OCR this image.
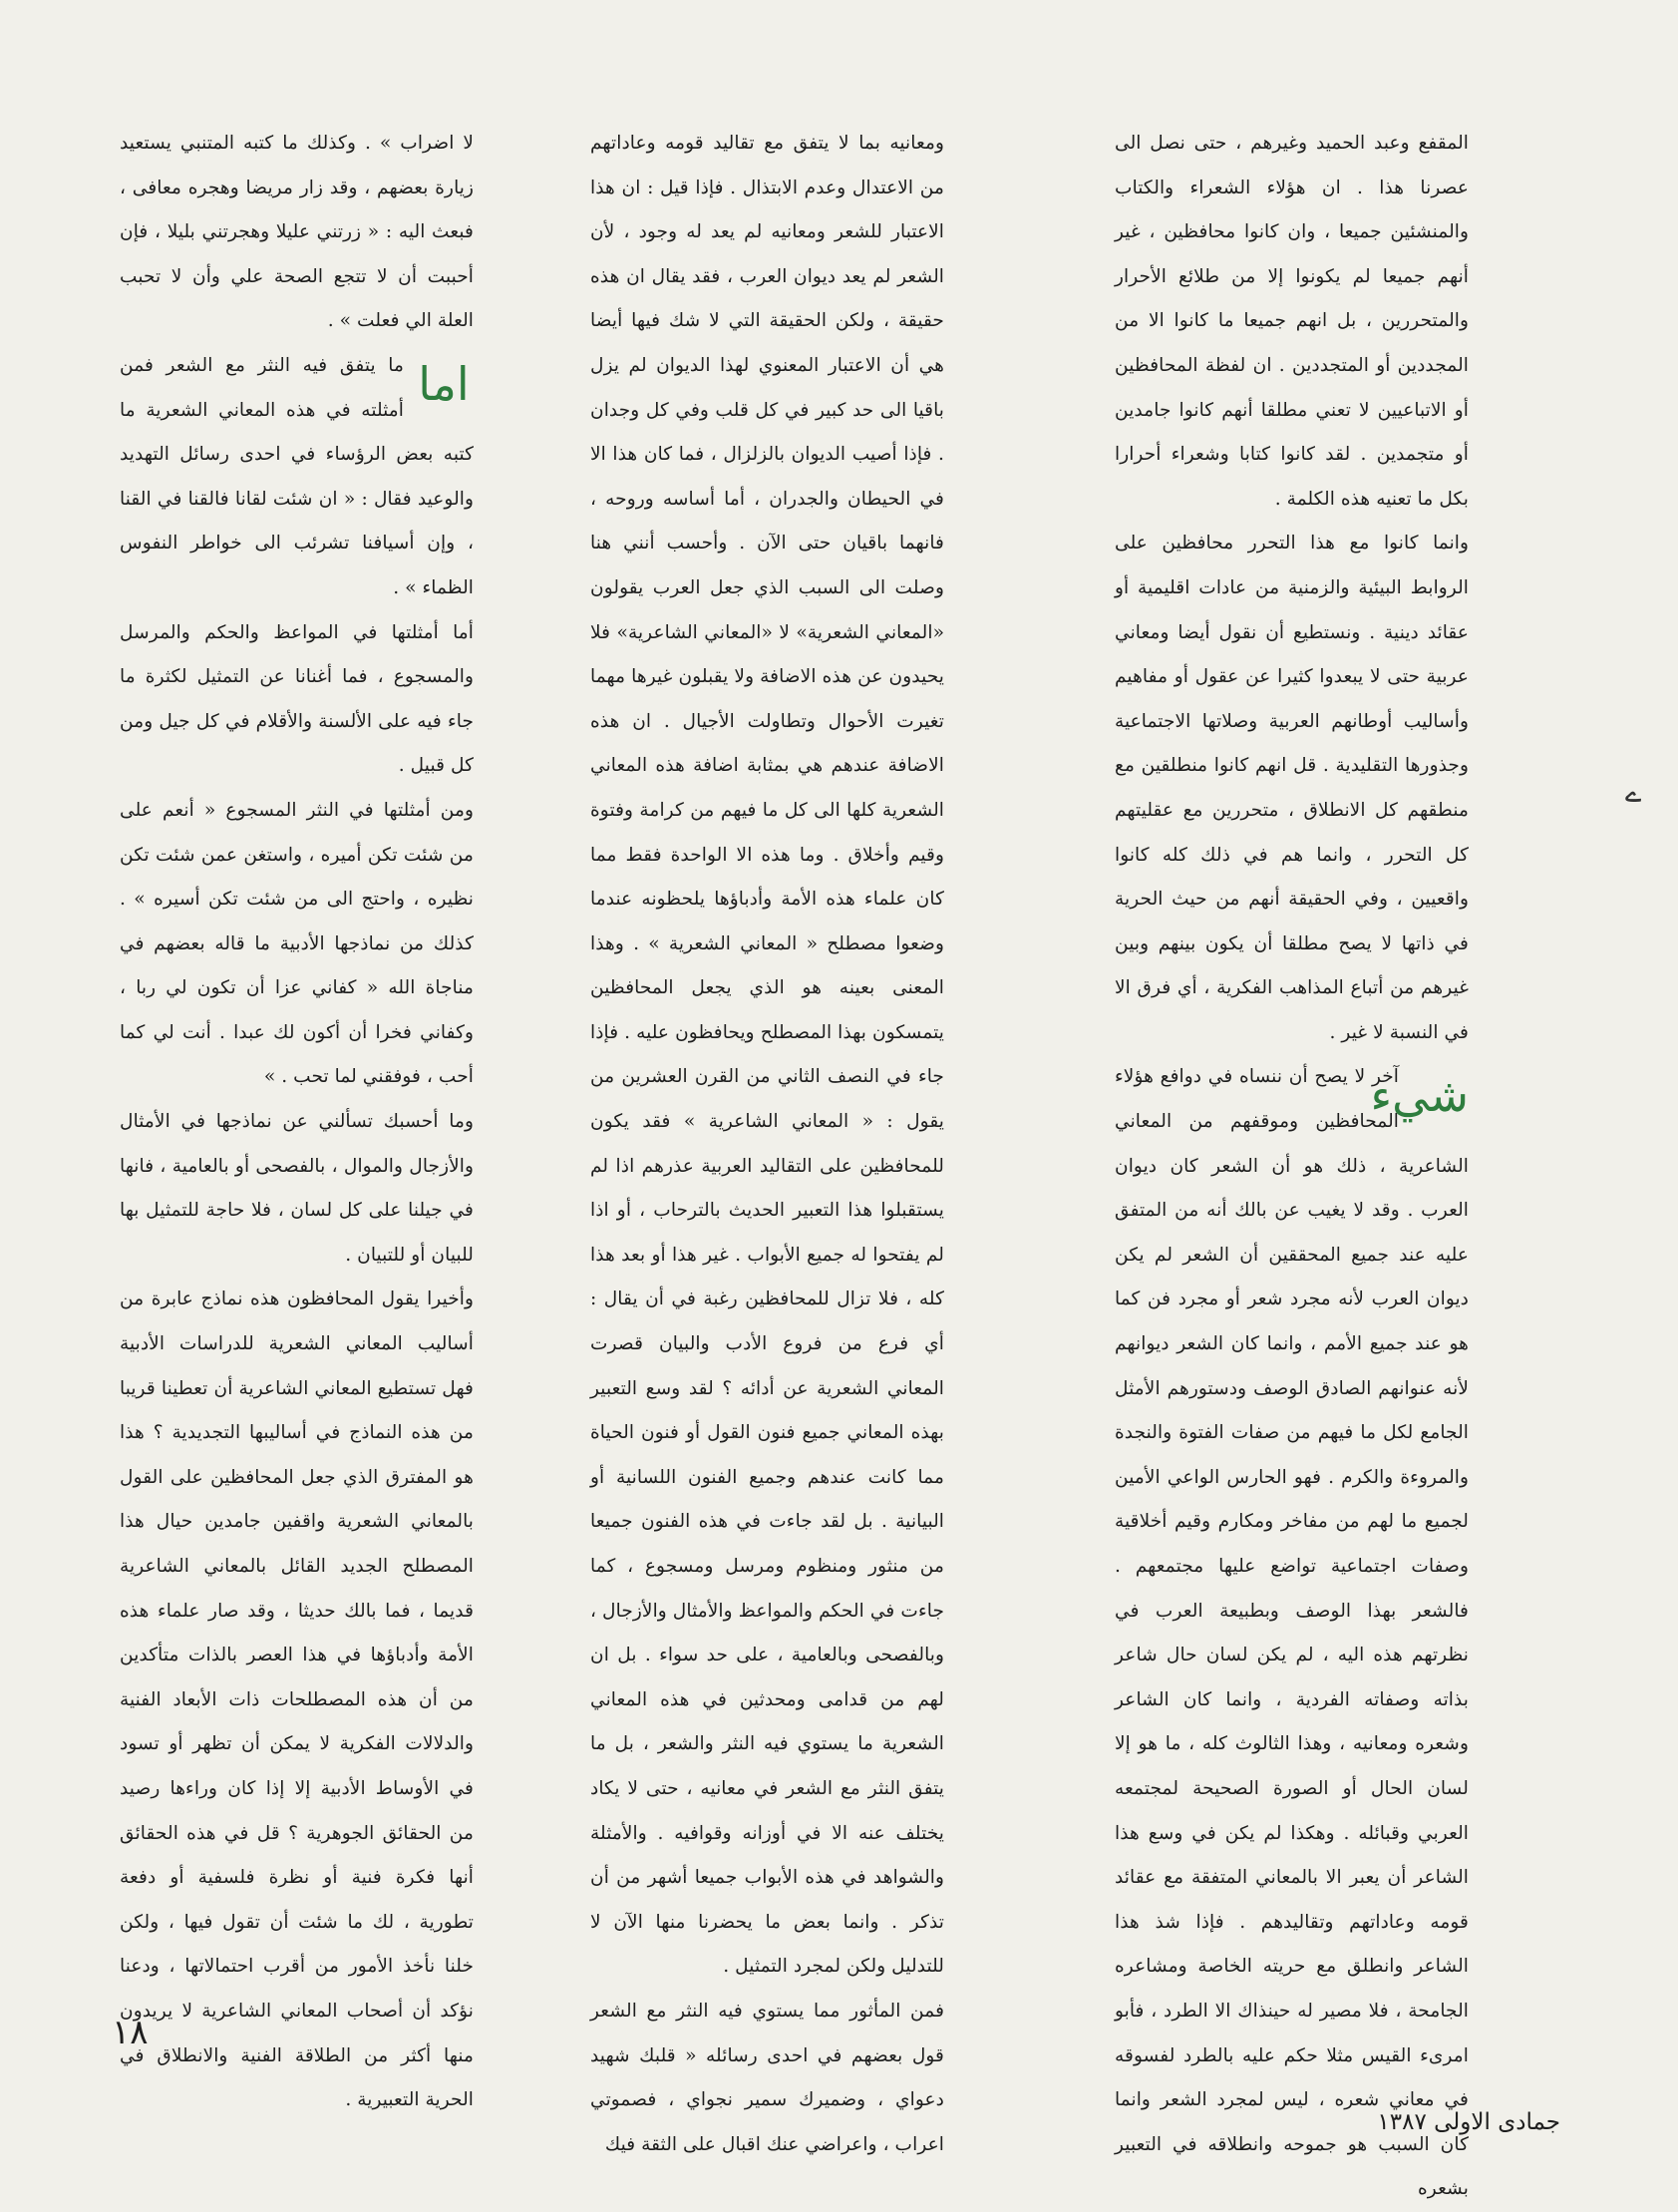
المقفع وعبد الحميد وغيرهم ، حتى نصل الى عصرنا هذا . ان هؤلاء الشعراء والكتاب والمنشئين جميعا ، وان كانوا محافظين ، غير أنهم جميعا لم يكونوا إلا من طلائع الأحرار والمتحررين ، بل انهم جميعا ما كانوا الا من المجددين أو المتجددين . ان لفظة المحافظين أو الاتباعيين لا تعني مطلقا أنهم كانوا جامدين أو متجمدين . لقد كانوا كتابا وشعراء أحرارا بكل ما تعنيه هذه الكلمة .

وانما كانوا مع هذا التحرر محافظين على الروابط البيئية والزمنية من عادات اقليمية أو عقائد دينية . ونستطيع أن نقول أيضا ومعاني عربية حتى لا يبعدوا كثيرا عن عقول أو مفاهيم وأساليب أوطانهم العربية وصلاتها الاجتماعية وجذورها التقليدية . قل انهم كانوا منطلقين مع منطقهم كل الانطلاق ، متحررين مع عقليتهم كل التحرر ، وانما هم في ذلك كله كانوا واقعيين ، وفي الحقيقة أنهم من حيث الحرية في ذاتها لا يصح مطلقا أن يكون بينهم وبين غيرهم من أتباع المذاهب الفكرية ، أي فرق الا في النسبة لا غير .

شيء
آخر لا يصح أن ننساه في دوافع هؤلاء المحافظين وموقفهم من المعاني الشاعرية ، ذلك هو أن الشعر كان ديوان العرب . وقد لا يغيب عن بالك أنه من المتفق عليه عند جميع المحققين أن الشعر لم يكن ديوان العرب لأنه مجرد شعر أو مجرد فن كما هو عند جميع الأمم ، وانما كان الشعر ديوانهم لأنه عنوانهم الصادق الوصف ودستورهم الأمثل الجامع لكل ما فيهم من صفات الفتوة والنجدة والمروءة والكرم . فهو الحارس الواعي الأمين لجميع ما لهم من مفاخر ومكارم وقيم أخلاقية وصفات اجتماعية تواضع عليها مجتمعهم . فالشعر بهذا الوصف وبطبيعة العرب في نظرتهم هذه اليه ، لم يكن لسان حال شاعر بذاته وصفاته الفردية ، وانما كان الشاعر وشعره ومعانيه ، وهذا الثالوث كله ، ما هو إلا لسان الحال أو الصورة الصحيحة لمجتمعه العربي وقبائله . وهكذا لم يكن في وسع هذا الشاعر أن يعبر الا بالمعاني المتفقة مع عقائد قومه وعاداتهم وتقاليدهم . فإذا شذ هذا الشاعر وانطلق مع حريته الخاصة ومشاعره الجامحة ، فلا مصير له حينذاك الا الطرد ، فأبو امرىء القيس مثلا حكم عليه بالطرد لفسوقه في معاني شعره ، ليس لمجرد الشعر وانما كان السبب هو جموحه وانطلاقه في التعبير بشعره

ومعانيه بما لا يتفق مع تقاليد قومه وعاداتهم من الاعتدال وعدم الابتذال . فإذا قيل : ان هذا الاعتبار للشعر ومعانيه لم يعد له وجود ، لأن الشعر لم يعد ديوان العرب ، فقد يقال ان هذه حقيقة ، ولكن الحقيقة التي لا شك فيها أيضا هي أن الاعتبار المعنوي لهذا الديوان لم يزل باقيا الى حد كبير في كل قلب وفي كل وجدان . فإذا أصيب الديوان بالزلزال ، فما كان هذا الا في الحيطان والجدران ، أما أساسه وروحه ، فانهما باقيان حتى الآن . وأحسب أنني هنا وصلت الى السبب الذي جعل العرب يقولون «المعاني الشعرية» لا «المعاني الشاعرية» فلا يحيدون عن هذه الاضافة ولا يقبلون غيرها مهما تغيرت الأحوال وتطاولت الأجيال . ان هذه الاضافة عندهم هي بمثابة اضافة هذه المعاني الشعرية كلها الى كل ما فيهم من كرامة وفتوة وقيم وأخلاق . وما هذه الا الواحدة فقط مما كان علماء هذه الأمة وأدباؤها يلحظونه عندما وضعوا مصطلح « المعاني الشعرية » . وهذا المعنى بعينه هو الذي يجعل المحافظين يتمسكون بهذا المصطلح ويحافظون عليه . فإذا جاء في النصف الثاني من القرن العشرين من يقول : « المعاني الشاعرية » فقد يكون للمحافظين على التقاليد العربية عذرهم اذا لم يستقبلوا هذا التعبير الحديث بالترحاب ، أو اذا لم يفتحوا له جميع الأبواب . غير هذا أو بعد هذا كله ، فلا تزال للمحافظين رغبة في أن يقال : أي فرع من فروع الأدب والبيان قصرت المعاني الشعرية عن أدائه ؟ لقد وسع التعبير بهذه المعاني جميع فنون القول أو فنون الحياة مما كانت عندهم وجميع الفنون اللسانية أو البيانية . بل لقد جاءت في هذه الفنون جميعا من منثور ومنظوم ومرسل ومسجوع ، كما جاءت في الحكم والمواعظ والأمثال والأزجال ، وبالفصحى وبالعامية ، على حد سواء . بل ان لهم من قدامى ومحدثين في هذه المعاني الشعرية ما يستوي فيه النثر والشعر ، بل ما يتفق النثر مع الشعر في معانيه ، حتى لا يكاد يختلف عنه الا في أوزانه وقوافيه . والأمثلة والشواهد في هذه الأبواب جميعا أشهر من أن تذكر . وانما بعض ما يحضرنا منها الآن لا للتدليل ولكن لمجرد التمثيل .

فمن المأثور مما يستوي فيه النثر مع الشعر قول بعضهم في احدى رسائله « قلبك شهيد دعواي ، وضميرك سمير نجواي ، فصموتي اعراب ، واعراضي عنك اقبال على الثقة فيك

لا اضراب » . وكذلك ما كتبه المتنبي يستعيد زيارة بعضهم ، وقد زار مريضا وهجره معافى ، فبعث اليه : « زرتني عليلا وهجرتني بليلا ، فإن أحببت أن لا تتجع الصحة علي وأن لا تحبب العلة الي فعلت » .

اما
ما يتفق فيه النثر مع الشعر فمن أمثلته في هذه المعاني الشعرية ما كتبه بعض الرؤساء في احدى رسائل التهديد والوعيد فقال : « ان شئت لقانا فالقنا في القنا ، وإن أسيافنا تشرئب الى خواطر النفوس الظماء » .

أما أمثلتها في المواعظ والحكم والمرسل والمسجوع ، فما أغنانا عن التمثيل لكثرة ما جاء فيه على الألسنة والأقلام في كل جيل ومن كل قبيل .

ومن أمثلتها في النثر المسجوع « أنعم على من شئت تكن أميره ، واستغن عمن شئت تكن نظيره ، واحتج الى من شئت تكن أسيره » . كذلك من نماذجها الأدبية ما قاله بعضهم في مناجاة الله « كفاني عزا أن تكون لي ربا ، وكفاني فخرا أن أكون لك عبدا . أنت لي كما أحب ، فوفقني لما تحب . »

وما أحسبك تسألني عن نماذجها في الأمثال والأزجال والموال ، بالفصحى أو بالعامية ، فانها في جيلنا على كل لسان ، فلا حاجة للتمثيل بها للبيان أو للتبيان .

وأخيرا يقول المحافظون هذه نماذج عابرة من أساليب المعاني الشعرية للدراسات الأدبية فهل تستطيع المعاني الشاعرية أن تعطينا قريبا من هذه النماذج في أساليبها التجديدية ؟ هذا هو المفترق الذي جعل المحافظين على القول بالمعاني الشعرية واقفين جامدين حيال هذا المصطلح الجديد القائل بالمعاني الشاعرية قديما ، فما بالك حديثا ، وقد صار علماء هذه الأمة وأدباؤها في هذا العصر بالذات متأكدين من أن هذه المصطلحات ذات الأبعاد الفنية والدلالات الفكرية لا يمكن أن تظهر أو تسود في الأوساط الأدبية إلا إذا كان وراءها رصيد من الحقائق الجوهرية ؟ قل في هذه الحقائق أنها فكرة فنية أو نظرة فلسفية أو دفعة تطورية ، لك ما شئت أن تقول فيها ، ولكن خلنا نأخذ الأمور من أقرب احتمالاتها ، ودعنا نؤكد أن أصحاب المعاني الشاعرية لا يريدون منها أكثر من الطلاقة الفنية والانطلاق في الحرية التعبيرية .

ے
١٨
جمادى الاولى ١٣٨٧
